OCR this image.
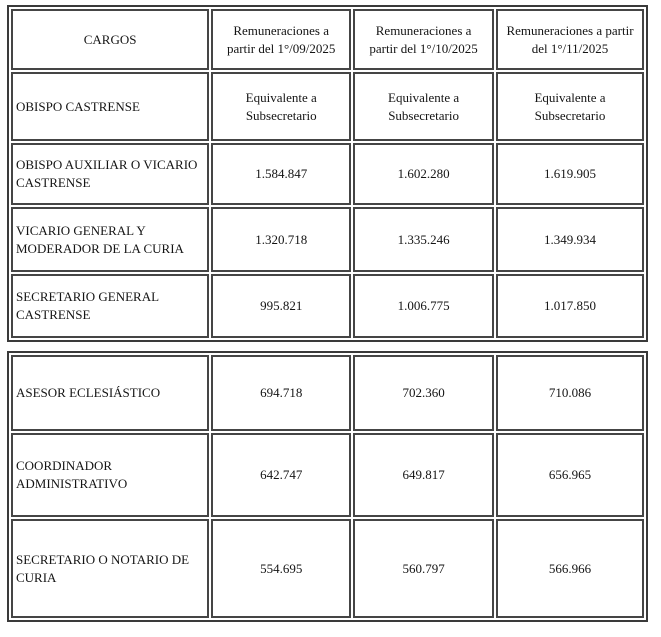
CARGOS	Remuneraciones a partir del 1°/09/2025	Remuneraciones a partir del 1°/10/2025	Remuneraciones a partir del 1°/11/2025
OBISPO CASTRENSE	Equivalente a Subsecretario	Equivalente a Subsecretario	Equivalente a Subsecretario
OBISPO AUXILIAR O VICARIO CASTRENSE	1.584.847	1.602.280	1.619.905
VICARIO GENERAL Y MODERADOR DE LA CURIA	1.320.718	1.335.246	1.349.934
SECRETARIO GENERAL CASTRENSE	995.821	1.006.775	1.017.850
ASESOR ECLESIÁSTICO	694.718	702.360	710.086
COORDINADOR ADMINISTRATIVO	642.747	649.817	656.965
SECRETARIO O NOTARIO DE CURIA	554.695	560.797	566.966
